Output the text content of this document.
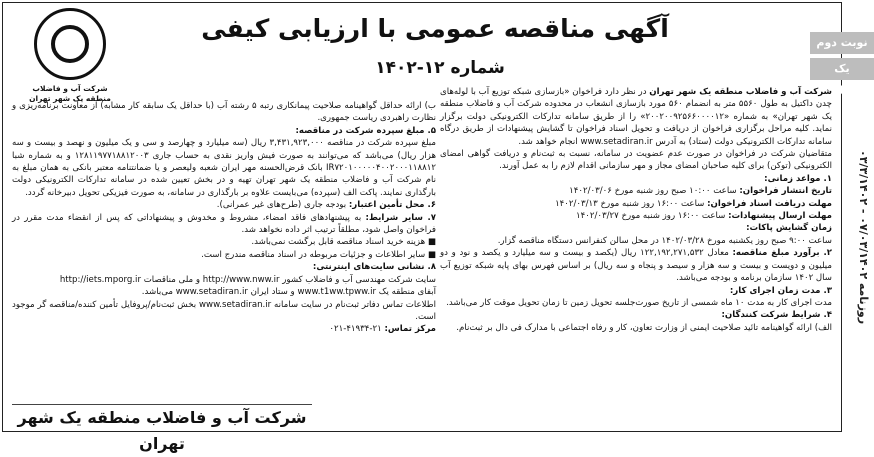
نوبت دوم
یک مرحله‌ای
روزنامه ۰۷/۰۳/۱۴۰۲ - ۰۳/۳/۱۴۰۲
شرکت آب و فاضلاب
منطقه یک شهر تهران
آگهی مناقصه عمومی با ارزیابی کیفی
شماره ۱۲-۱۴۰۲

شرکت آب و فاضلاب منطقه یک شهر تهران در نظر دارد فراخوان «بازسازی شبکه توزیع آب با لوله‌های چدن داکتیل به طول ۵۵۶۰ متر به انضمام ۵۶۰ مورد بازسازی انشعاب در محدوده شرکت آب و فاضلاب منطقه یک شهر تهران» به شماره «۲۰۰۲۰۰۹۲۵۶۶۰۰۰۰۱۲» را از طریق سامانه تدارکات الکترونیکی دولت برگزار نماید. کلیه مراحل برگزاری فراخوان از دریافت و تحویل اسناد فراخوان تا گشایش پیشنهادات از طریق درگاه سامانه تدارکات الکترونیکی دولت (ستاد) به آدرس www.setadiran.ir انجام خواهد شد.

متقاضیان شرکت در فراخوان در صورت عدم عضویت در سامانه، نسبت به ثبت‌نام و دریافت گواهی امضای الکترونیکی (توکن) برای کلیه صاحبان امضای مجاز و مهر سازمانی اقدام لازم را به عمل آورند.

۱. مواعد زمانی:

تاریخ انتشار فراخوان: ساعت ۱۰:۰۰ صبح روز شنبه مورخ ۱۴۰۲/۰۳/۰۶

مهلت دریافت اسناد فراخوان: ساعت ۱۶:۰۰ روز شنبه مورخ ۱۴۰۲/۰۳/۱۳

مهلت ارسال پیشنهادات: ساعت ۱۶:۰۰ روز شنبه مورخ ۱۴۰۲/۰۳/۲۷

زمان گشایش پاکات:

ساعت ۹:۰۰ صبح روز یکشنبه مورخ ۱۴۰۲/۰۳/۲۸ در محل سالن کنفرانس دستگاه مناقصه گزار.

۲. برآورد مبلغ مناقصه: معادل ۱۲۲,۱۹۲,۲۷۱,۵۳۲ ریال (یکصد و بیست و سه میلیارد و یکصد و نود و دو میلیون و دویست و بیست و سه هزار و سیصد و پنجاه و سه ریال) بر اساس فهرس بهای پایه شبکه توزیع آب سال ۱۴۰۲ سازمان برنامه و بودجه می‌باشد.

۳. مدت زمان اجرای کار:

مدت اجرای کار به مدت ۱۰ ماه شمسی از تاریخ صورت‌جلسه تحویل زمین تا زمان تحویل موقت کار می‌باشد.

۴. شرایط شرکت کنندگان:

الف) ارائه گواهینامه تائید صلاحیت ایمنی از وزارت تعاون، کار و رفاه اجتماعی با مدارک فی دال بر ثبت‌نام.

ب) ارائه حداقل گواهینامه صلاحیت پیمانکاری رتبه ۵ رشته آب (با حداقل یک سابقه کار مشابه) از معاونت برنامه‌ریزی و نظارت راهبردی ریاست جمهوری.

۵. مبلغ سپرده شرکت در مناقصه:

مبلغ سپرده شرکت در مناقصه ۳,۴۳۱,۹۲۳,۰۰۰ ریال (سه میلیارد و چهارصد و سی و یک میلیون و نهصد و بیست و سه هزار ریال) می‌باشد که می‌توانند به صورت فیش واریز نقدی به حساب جاری ۱۲۸۱۱۹۷۷۱۸۸۱۲۰۰۳ و به شماره شبا IR۷۲۰۱۰۰۰۰۰۴۰۰۲۰۰۰۱۱۸۸۱۲ بانک قرض‌الحسنه مهر ایران شعبه ولیعصر و یا ضمانتنامه معتبر بانکی به همان مبلغ به نام شرکت آب و فاضلاب منطقه یک شهر تهران تهیه و در بخش تعیین شده در سامانه تدارکات الکترونیکی دولت بارگذاری نمایند. پاکت الف (سپرده) می‌بایست علاوه بر بارگذاری در سامانه، به صورت فیزیکی تحویل دبیرخانه گردد.

۶. محل تأمین اعتبار: بودجه جاری (طرح‌های غیر عمرانی).

۷. سایر شرایط: به پیشنهادهای فاقد امضاء، مشروط و مخدوش و پیشنهاداتی که پس از انقضاء مدت مقرر در فراخوان واصل شود، مطلقاً ترتیب اثر داده نخواهد شد.

■ هزینه خرید اسناد مناقصه قابل برگشت نمی‌باشد.

■ سایر اطلاعات و جزئیات مربوطه در اسناد مناقصه مندرج است.

۸. نشانی سایت‌های اینترنتی:

سایت شرکت مهندسی آب و فاضلاب کشور http://www.nww.ir و ملی مناقصات http://iets.mporg.ir

آبفای منطقه یک www.t1ww.tpww.ir و ستاد ایران www.setadiran.ir می‌باشد.

اطلاعات تماس دفاتر ثبت‌نام در سایت سامانه www.setadiran.ir بخش ثبت‌نام/پروفایل تأمین کننده/مناقصه گر موجود است.

مرکز تماس: ۲۱-۴۱۹۳۴-۰۲۱

شرکت آب و فاضلاب منطقه یک شهر تهران
